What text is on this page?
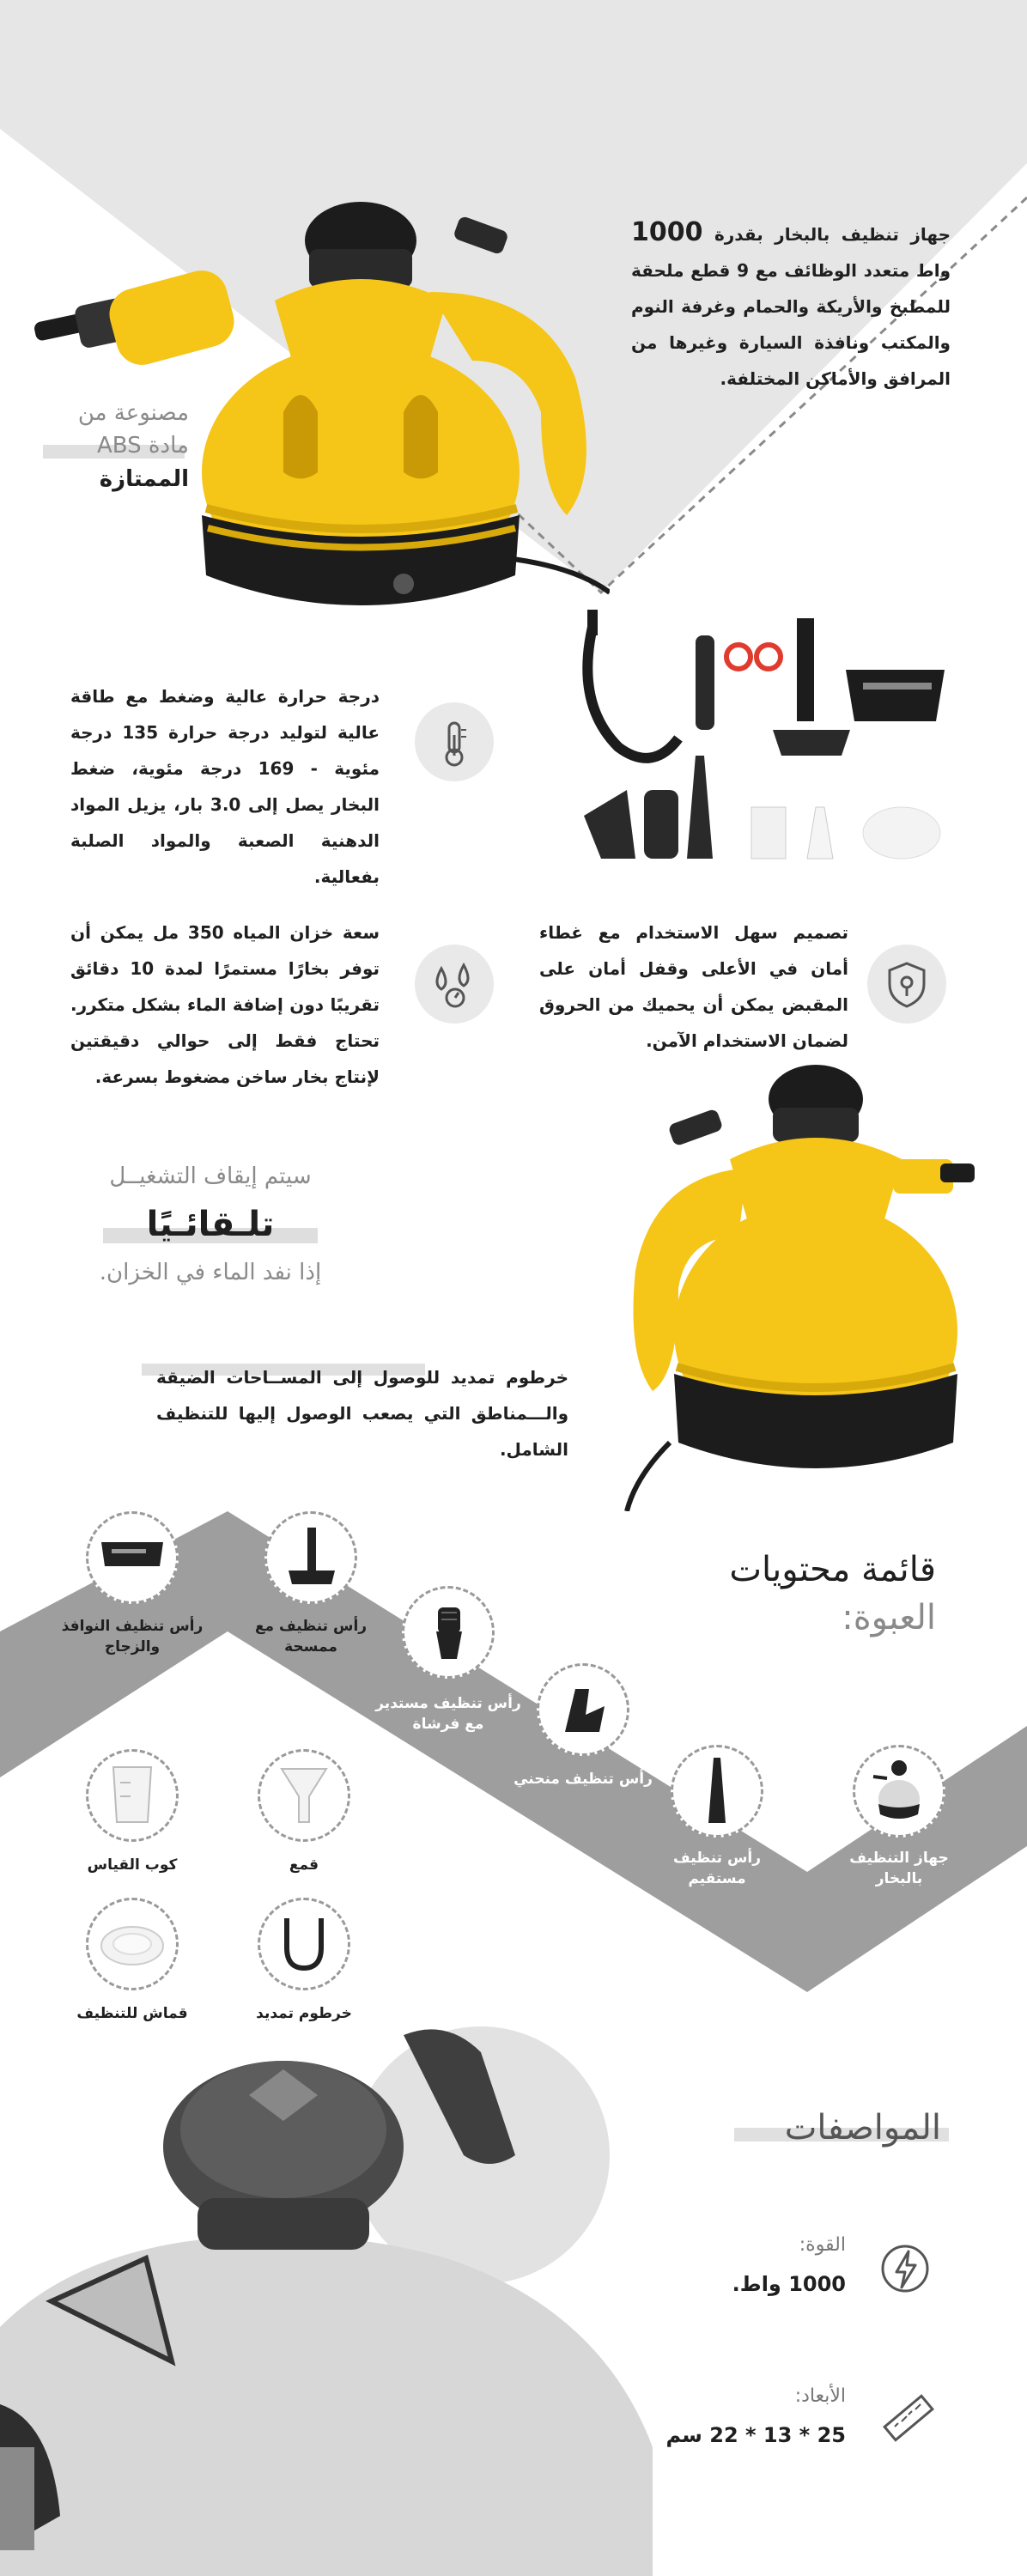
جهاز تنظيف بالبخار بقدرة 1000 واط متعدد الوظائف مع 9 قطع ملحقة للمطبخ والأريكة والحمام وغرفة النوم والمكتب ونافذة السيارة وغيرها من المرافق والأماكن المختلفة.
مصنوعة من
مادة ABS
الممتازة
درجة حرارة عالية وضغط مع طاقة عالية لتوليد درجة حرارة 135 درجة مئوية - 169 درجة مئوية، ضغط البخار يصل إلى 3.0 بار، يزيل المواد الدهنية الصعبة والمواد الصلبة بفعالية.
سعة خزان المياه 350 مل يمكن أن توفر بخارًا مستمرًا لمدة 10 دقائق تقريبًا دون إضافة الماء بشكل متكرر. تحتاج فقط إلى حوالي دقيقتين لإنتاج بخار ساخن مضغوط بسرعة.
تصميم سهل الاستخدام مع غطاء أمان في الأعلى وقفل أمان على المقبض يمكن أن يحميك من الحروق لضمان الاستخدام الآمن.
سيتم إيقاف التشغيــل
تلـقائـيًا
إذا نفد الماء في الخزان.
خرطوم تمديد للوصول إلى المســاحات الضيقة والـــمناطق التي يصعب الوصول إليها للتنظيف الشامل.
قائمة محتويات
العبوة:
جهاز التنظيف بالبخار
رأس تنظيف مستقيم
رأس تنظيف منحني
رأس تنظيف مستدير مع فرشاة
رأس تنظيف مع ممسحة
رأس تنظيف النوافذ والزجاج
قمع
كوب القياس
خرطوم تمديد
قماش للتنظيف
المواصفات
القوة:
1000 واط.
الأبعاد:
25 * 13 * 22 سم
